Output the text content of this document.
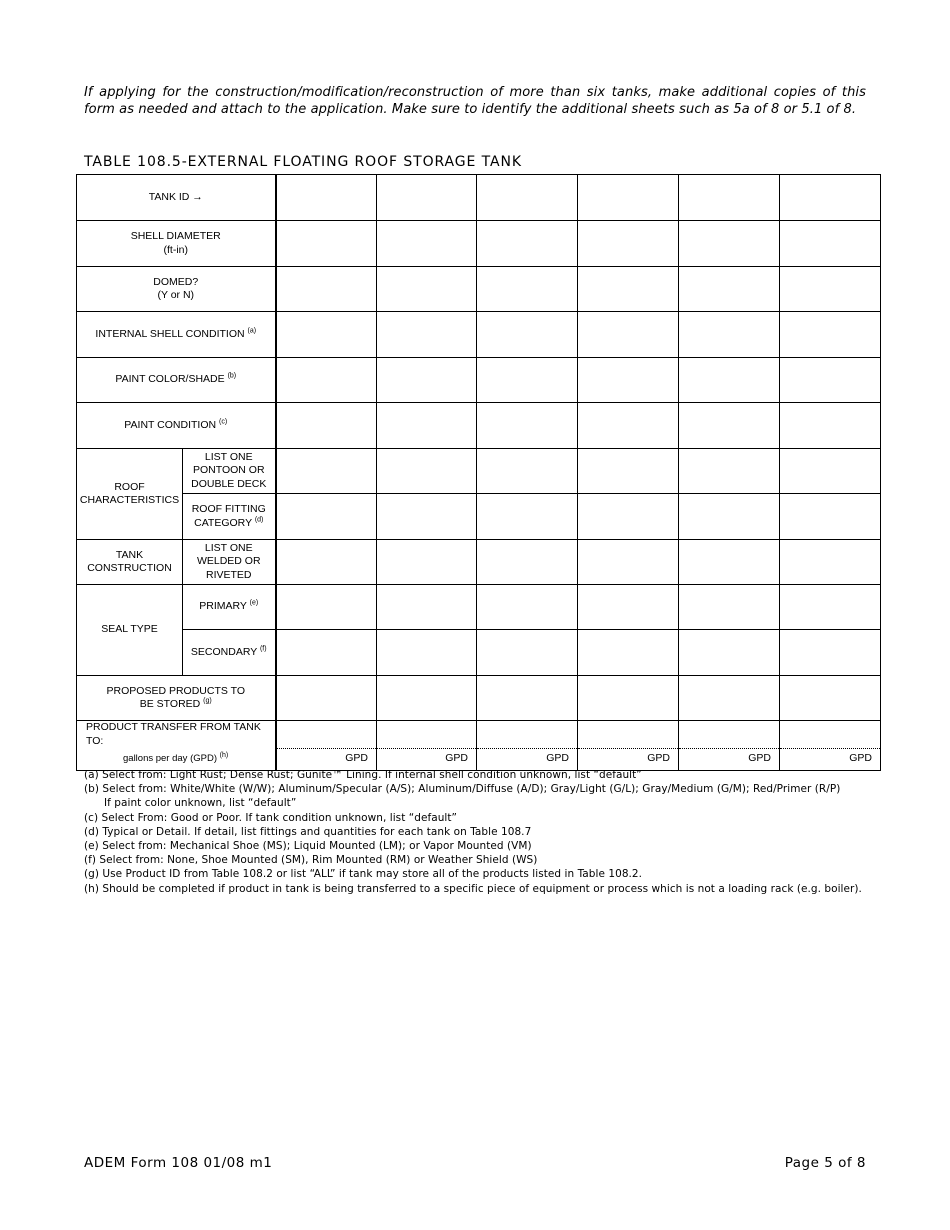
If applying for the construction/modification/reconstruction of more than six tanks, make additional copies of this form as needed and attach to the application. Make sure to identify the additional sheets such as 5a of 8 or 5.1 of 8.
TABLE 108.5-EXTERNAL FLOATING ROOF STORAGE TANK
TANK ID →							
SHELL DIAMETER
(ft-in)							
DOMED?
(Y or N)							
INTERNAL SHELL CONDITION $^{(a)}$						
PAINT COLOR/SHADE $^{(b)}$						
PAINT CONDITION $^{(c)}$						
ROOF CHARACTERISTICS	LIST ONE PONTOON OR DOUBLE DECK						
	ROOF FITTING CATEGORY $^{(d)}$						
TANK CONSTRUCTION	LIST ONE WELDED OR RIVETED						
SEAL TYPE	PRIMARY $^{(e)}$						
	SECONDARY $^{(f)}$						
PROPOSED PRODUCTS TO BE STORED $^{(g)}$						
PRODUCT TRANSFER FROM TANK TO:							
gallons per day (GPD) $^{(h)}$		GPD	GPD	GPD	GPD	GPD	GPD
(a) Select from: Light Rust; Dense Rust; Gunite™ Lining. If internal shell condition unknown, list “default”
(b) Select from: White/White (W/W); Aluminum/Specular (A/S); Aluminum/Diffuse (A/D); Gray/Light (G/L); Gray/Medium (G/M); Red/Primer (R/P)
If paint color unknown, list “default”
(c) Select From: Good or Poor. If tank condition unknown, list “default”
(d) Typical or Detail. If detail, list fittings and quantities for each tank on Table 108.7
(e) Select from: Mechanical Shoe (MS); Liquid Mounted (LM); or Vapor Mounted (VM)
(f) Select from: None, Shoe Mounted (SM), Rim Mounted (RM) or Weather Shield (WS)
(g) Use Product ID from Table 108.2 or list “ALL” if tank may store all of the products listed in Table 108.2.
(h) Should be completed if product in tank is being transferred to a specific piece of equipment or process which is not a loading rack (e.g. boiler).
ADEM Form 108 01/08 m1	Page 5 of 8
